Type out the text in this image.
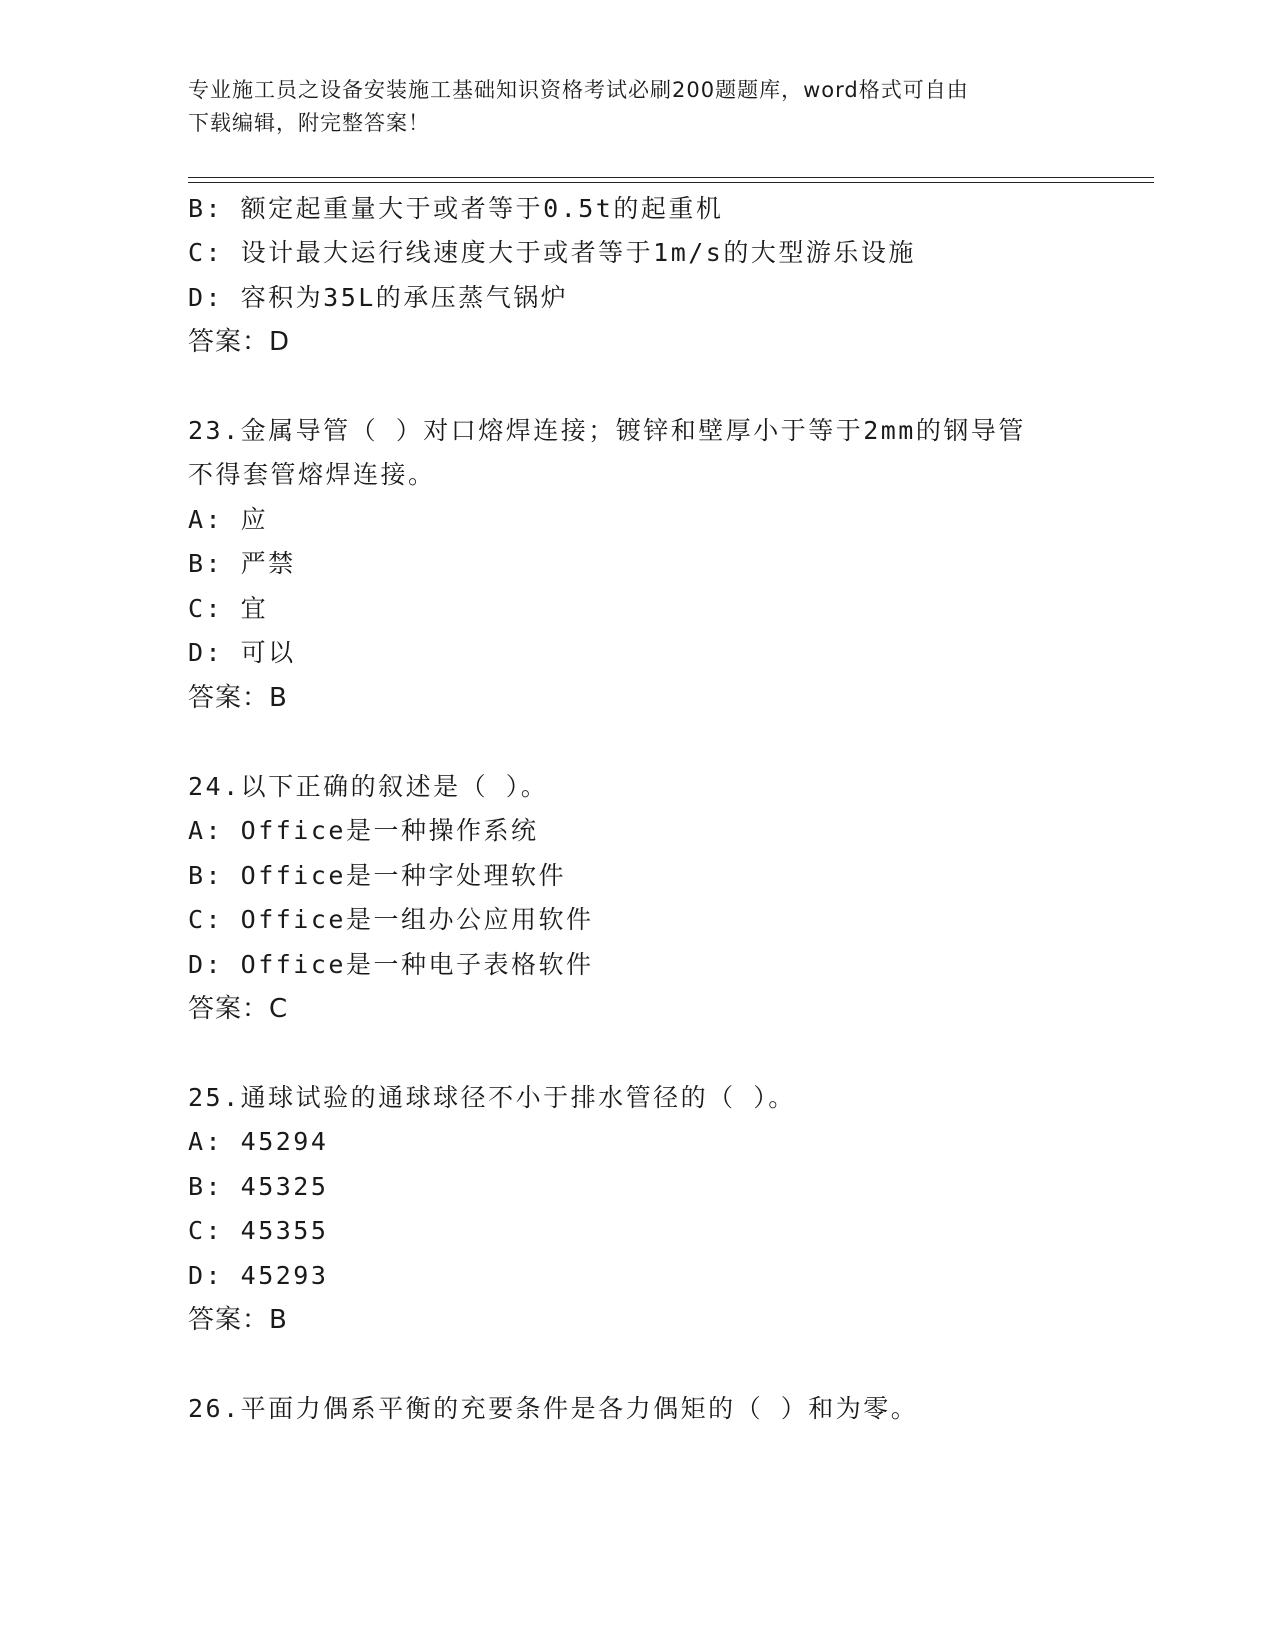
专业施工员之设备安装施工基础知识资格考试必刷200题题库，word格式可自由
下载编辑，附完整答案！
B: 额定起重量大于或者等于0.5t的起重机
C: 设计最大运行线速度大于或者等于1m/s的大型游乐设施
D: 容积为35L的承压蒸气锅炉
答案：D
23.金属导管（ ）对口熔焊连接；镀锌和壁厚小于等于2mm的钢导管
不得套管熔焊连接。
A: 应
B: 严禁
C: 宜
D: 可以
答案：B
24.以下正确的叙述是（ ）。
A: Office是一种操作系统
B: Office是一种字处理软件
C: Office是一组办公应用软件
D: Office是一种电子表格软件
答案：C
25.通球试验的通球球径不小于排水管径的（ ）。
A: 45294
B: 45325
C: 45355
D: 45293
答案：B
26.平面力偶系平衡的充要条件是各力偶矩的（ ）和为零。
